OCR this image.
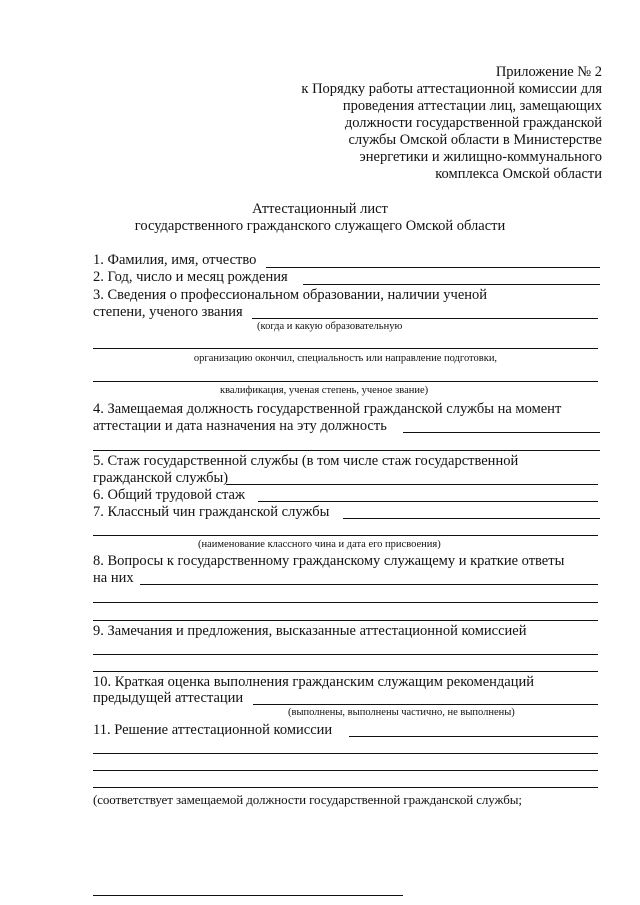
Приложение № 2
к Порядку работы аттестационной комиссии для
проведения аттестации лиц, замещающих
должности государственной гражданской
службы Омской области в Министерстве
энергетики и жилищно-коммунального
комплекса Омской области
Аттестационный лист
государственного гражданского служащего Омской области
1. Фамилия, имя, отчество
2. Год, число и месяц рождения
3. Сведения о профессиональном образовании, наличии ученой
степени, ученого звания
(когда и какую образовательную
организацию окончил, специальность или направление подготовки,
квалификация, ученая степень, ученое звание)
4. Замещаемая должность государственной гражданской службы на момент
аттестации и дата назначения на эту должность
5. Стаж государственной службы (в том числе стаж государственной
гражданской службы)
6. Общий трудовой стаж
7. Классный чин гражданской службы
(наименование классного чина и дата его присвоения)
8. Вопросы к государственному гражданскому служащему и краткие ответы
на них
9. Замечания и предложения, высказанные аттестационной комиссией
10. Краткая оценка выполнения гражданским служащим рекомендаций
предыдущей аттестации
(выполнены, выполнены частично, не выполнены)
11. Решение аттестационной комиссии
(соответствует замещаемой должности государственной гражданской службы;
